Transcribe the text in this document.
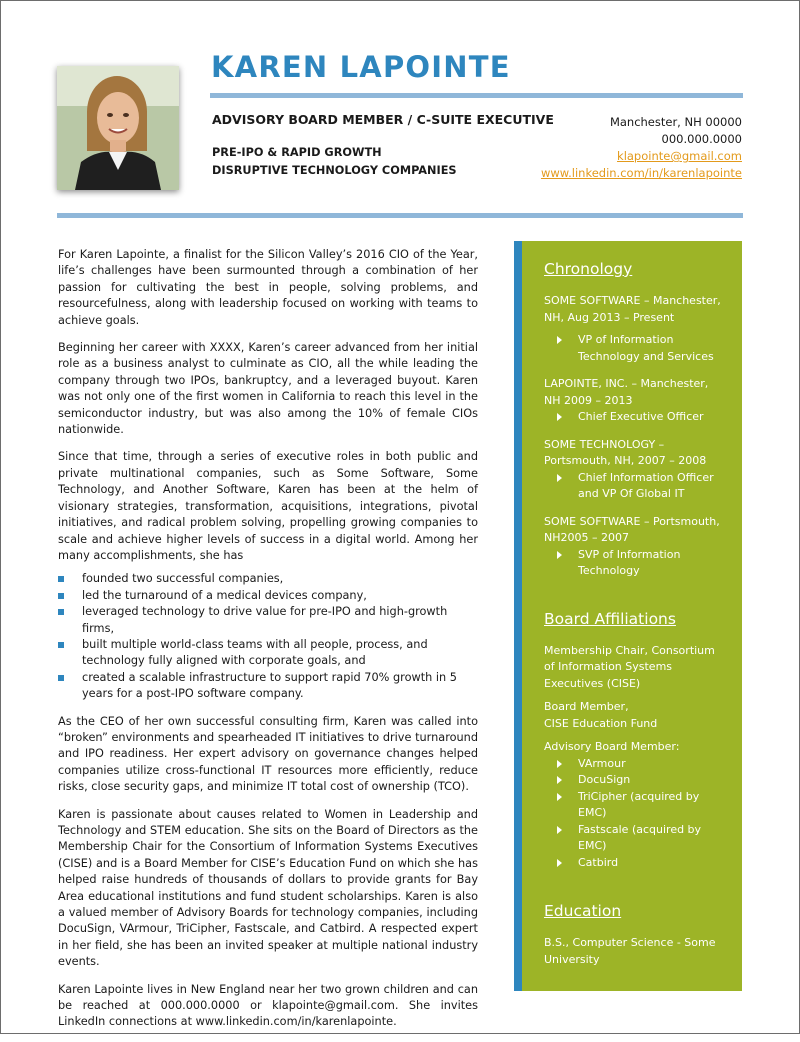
KAREN LAPOINTE
ADVISORY BOARD MEMBER / C-SUITE EXECUTIVE
PRE-IPO & RAPID GROWTH
DISRUPTIVE TECHNOLOGY COMPANIES
Manchester, NH 00000
000.000.0000
klapointe@gmail.com
www.linkedin.com/in/karenlapointe

For Karen Lapointe, a finalist for the Silicon Valley’s 2016 CIO of the Year, life’s challenges have been surmounted through a combination of her passion for cultivating the best in people, solving problems, and resourcefulness, along with leadership focused on working with teams to achieve goals.

Beginning her career with XXXX, Karen’s career advanced from her initial role as a business analyst to culminate as CIO, all the while leading the company through two IPOs, bankruptcy, and a leveraged buyout. Karen was not only one of the first women in California to reach this level in the semiconductor industry, but was also among the 10% of female CIOs nationwide.

Since that time, through a series of executive roles in both public and private multinational companies, such as Some Software, Some Technology, and Another Software, Karen has been at the helm of visionary strategies, transformation, acquisitions, integrations, pivotal initiatives, and radical problem solving, propelling growing companies to scale and achieve higher levels of success in a digital world. Among her many accomplishments, she has

founded two successful companies,
led the turnaround of a medical devices company,
leveraged technology to drive value for pre-IPO and high-growth firms,
built multiple world-class teams with all people, process, and technology fully aligned with corporate goals, and
created a scalable infrastructure to support rapid 70% growth in 5 years for a post-IPO software company.

As the CEO of her own successful consulting firm, Karen was called into “broken” environments and spearheaded IT initiatives to drive turnaround and IPO readiness. Her expert advisory on governance changes helped companies utilize cross-functional IT resources more efficiently, reduce risks, close security gaps, and minimize IT total cost of ownership (TCO).

Karen is passionate about causes related to Women in Leadership and Technology and STEM education. She sits on the Board of Directors as the Membership Chair for the Consortium of Information Systems Executives (CISE) and is a Board Member for CISE’s Education Fund on which she has helped raise hundreds of thousands of dollars to provide grants for Bay Area educational institutions and fund student scholarships. Karen is also a valued member of Advisory Boards for technology companies, including DocuSign, VArmour, TriCipher, Fastscale, and Catbird. A respected expert in her field, she has been an invited speaker at multiple national industry events.

Karen Lapointe lives in New England near her two grown children and can be reached at 000.000.0000 or klapointe@gmail.com. She invites LinkedIn connections at www.linkedin.com/in/karenlapointe.

Chronology
SOME SOFTWARE – Manchester, NH, Aug 2013 – Present
VP of Information Technology and Services
LAPOINTE, INC. – Manchester, NH 2009 – 2013
Chief Executive Officer
SOME TECHNOLOGY – Portsmouth, NH, 2007 – 2008
Chief Information Officer and VP Of Global IT
SOME SOFTWARE – Portsmouth, NH2005 – 2007
SVP of Information Technology
Board Affiliations
Membership Chair, Consortium of Information Systems Executives (CISE)
Board Member,
CISE Education Fund
Advisory Board Member:
VArmour
DocuSign
TriCipher (acquired by EMC)
Fastscale (acquired by EMC)
Catbird
Education
B.S., Computer Science - Some University
